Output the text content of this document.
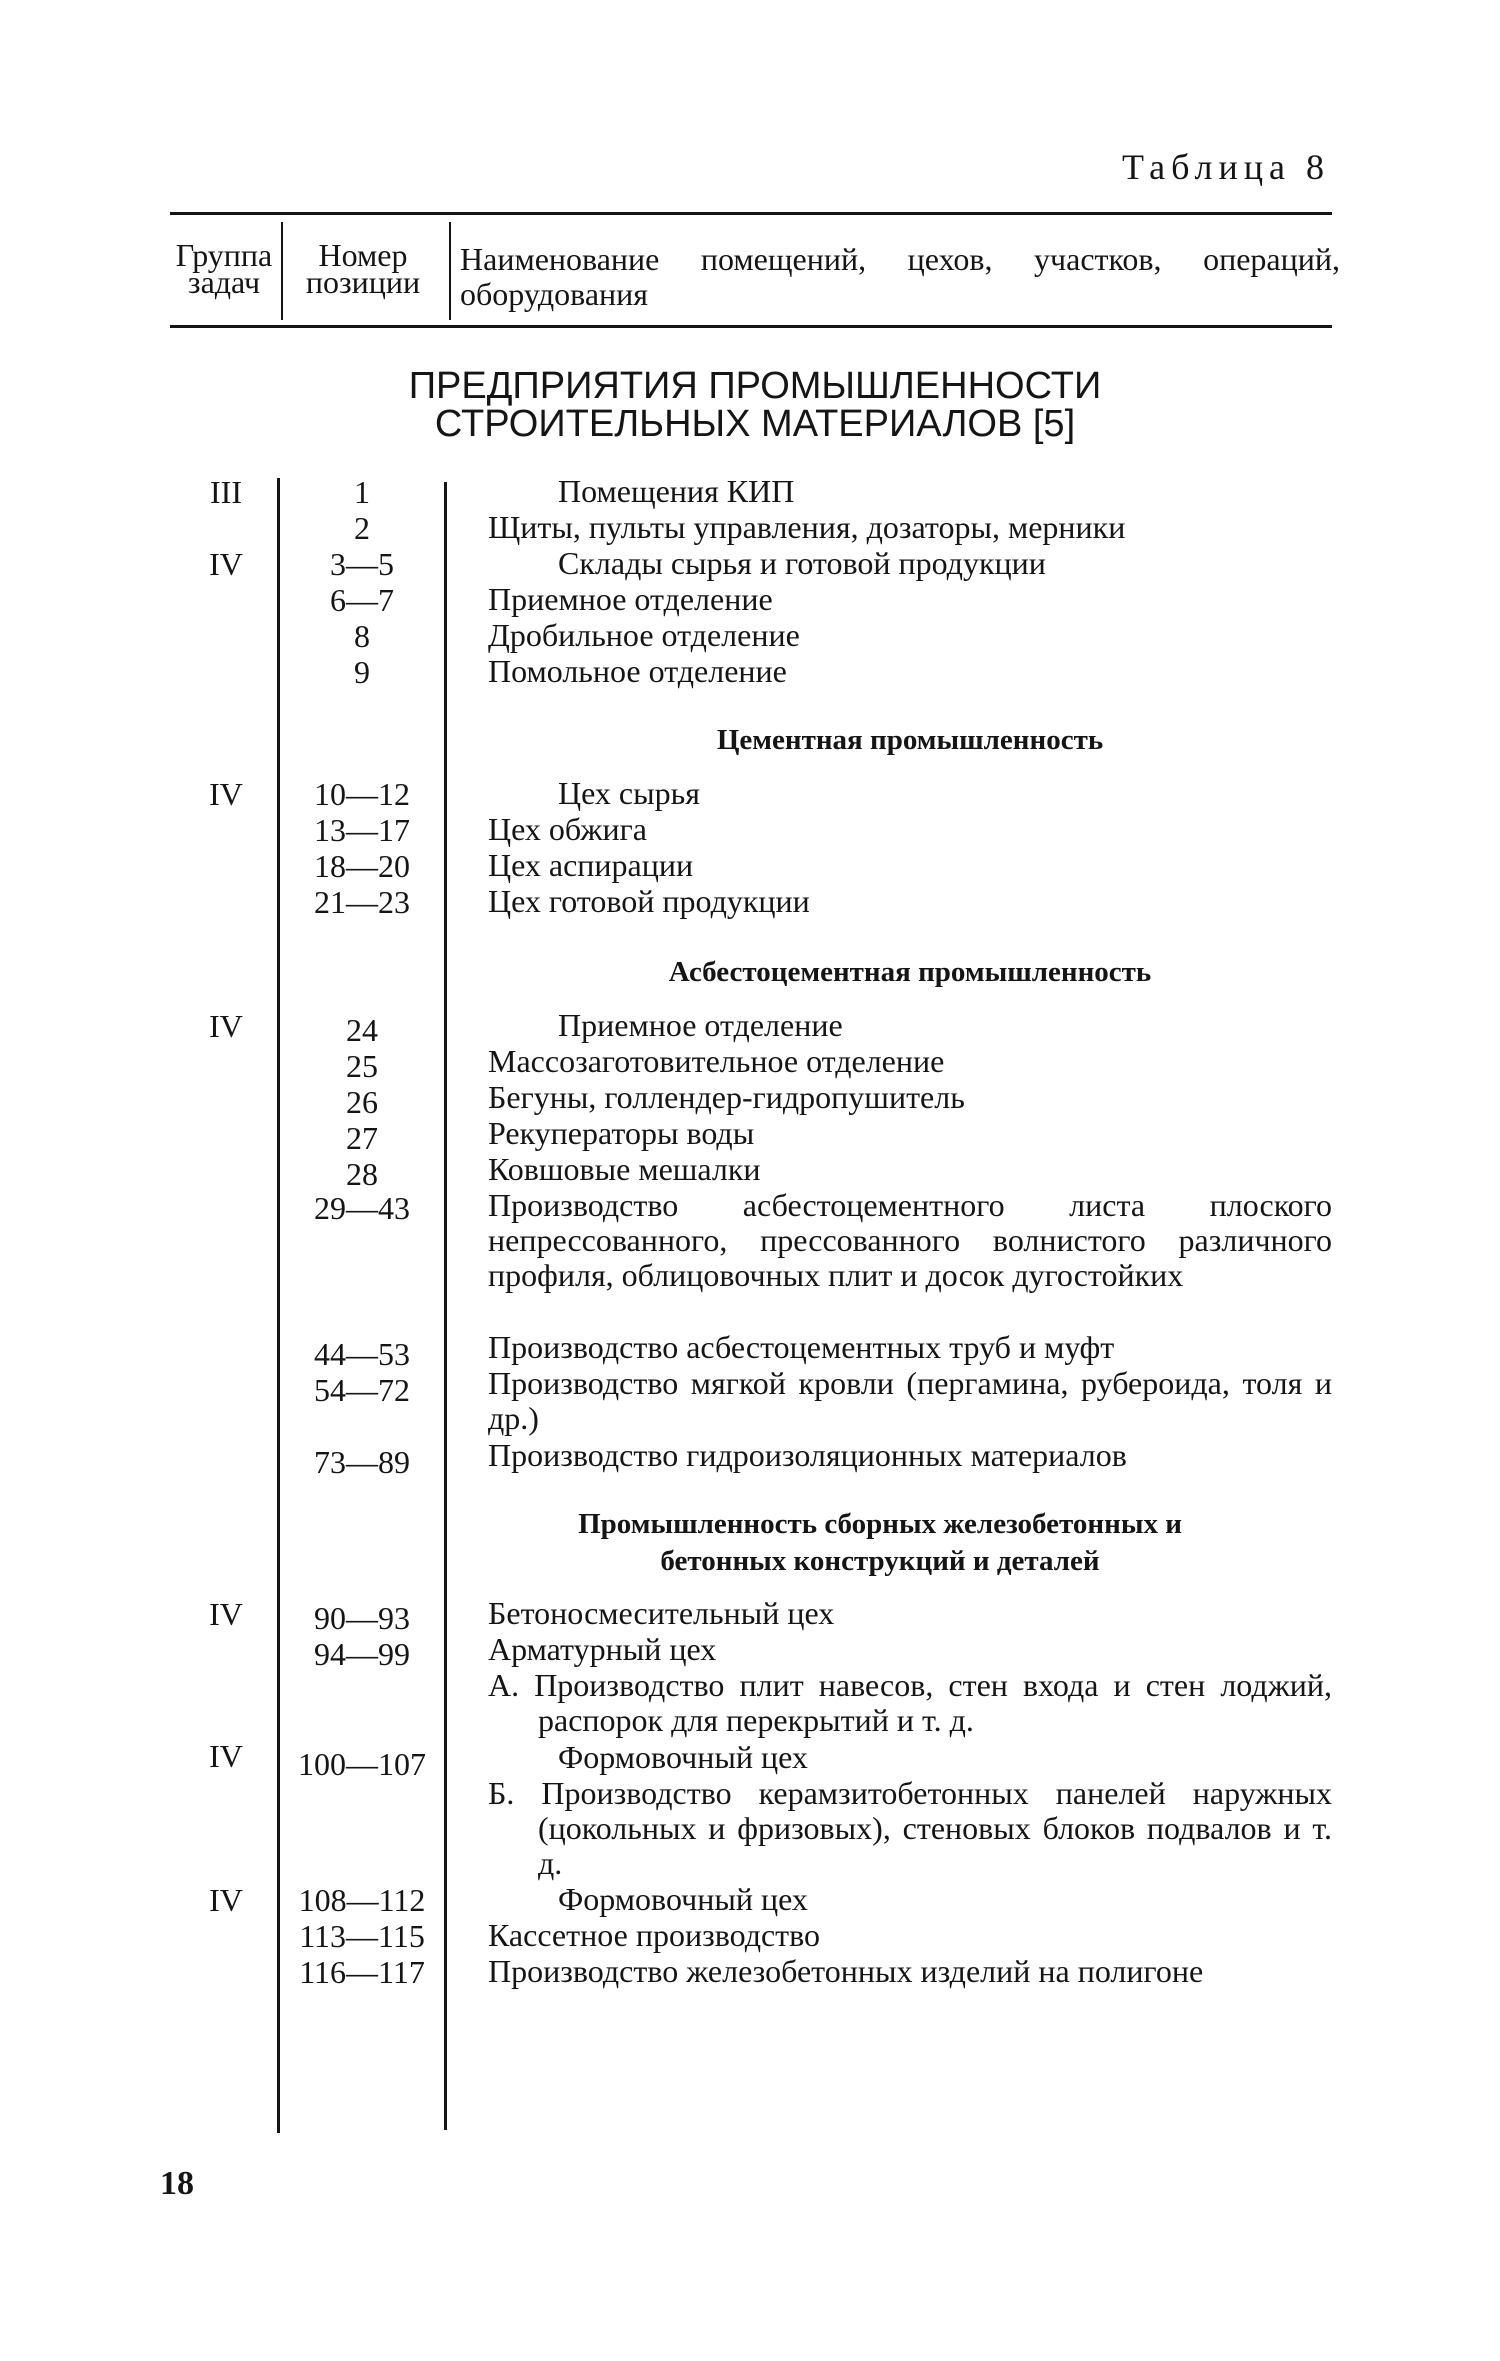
Таблица 8
Группа задач
Номер позиции
Наименование помещений, цехов, участков, операций, оборудования
ПРЕДПРИЯТИЯ ПРОМЫШЛЕННОСТИ
СТРОИТЕЛЬНЫХ МАТЕРИАЛОВ [5]
III	1	Помещения КИП
2	Щиты, пульты управления, дозаторы, мерники
IV	3—5	Склады сырья и готовой продукции
6—7	Приемное отделение
8	Дробильное отделение
9	Помольное отделение
Цементная промышленность
IV	10—12	Цех сырья
13—17	Цех обжига
18—20	Цех аспирации
21—23	Цех готовой продукции
Асбестоцементная промышленность
IV	24	Приемное отделение
25	Массозаготовительное отделение
26	Бегуны, голлендер-гидропушитель
27	Рекуператоры воды
28	Ковшовые мешалки
29—43	Производство асбестоцементного листа плоского непрессованного, прессованного волнистого различного профиля, облицовочных плит и досок дугостойких
44—53	Производство асбестоцементных труб и муфт
54—72	Производство мягкой кровли (пергамина, рубероида, толя и др.)
73—89	Производство гидроизоляционных материалов
Промышленность сборных железобетонных и бетонных конструкций и деталей
IV	90—93	Бетоносмесительный цех
94—99	Арматурный цех
А. Производство плит навесов, стен входа и стен лоджий, распорок для перекрытий и т. д.
IV	100—107	Формовочный цех
Б. Производство керамзитобетонных панелей наружных (цокольных и фризовых), стеновых блоков подвалов и т. д.
IV	108—112	Формовочный цех
113—115	Кассетное производство
116—117	Производство железобетонных изделий на полигоне
18
